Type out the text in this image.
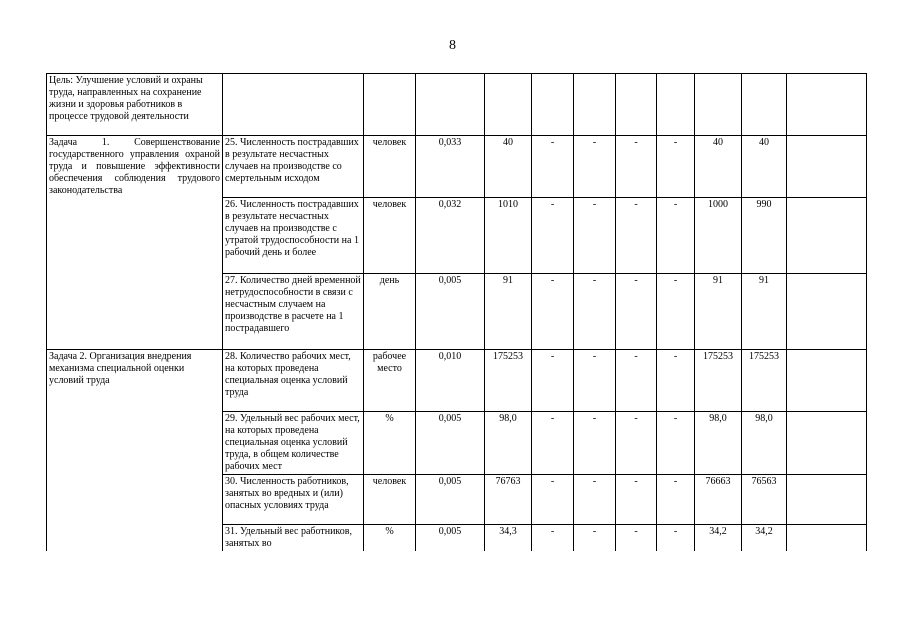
8
Цель: Улучшение условий и охраны труда, направленных на сохранение жизни и здоровья работников в процессе трудовой деятельности											
Задача 1. Совершенствование государственного управления охраной труда и повышение эффективности обеспечения соблюдения трудового законодательства	25. Численность пострадавших в результате несчастных случаев на производстве со смертельным исходом	человек	0,033	40	-	-	-	-	40	40	
	26. Численность пострадавших в результате несчастных случаев на производстве с утратой трудоспособности на 1 рабочий день и более	человек	0,032	1010	-	-	-	-	1000	990	
	27. Количество дней временной нетрудоспособности в связи с несчастным случаем на производстве в расчете на 1 пострадавшего	день	0,005	91	-	-	-	-	91	91	
Задача 2. Организация внедрения механизма специальной оценки условий труда	28. Количество рабочих мест, на которых проведена специальная оценка условий труда	рабочее место	0,010	175253	-	-	-	-	175253	175253	
	29. Удельный вес рабочих мест, на которых проведена специальная оценка условий труда, в общем количестве рабочих мест	%	0,005	98,0	-	-	-	-	98,0	98,0	
	30. Численность работников, занятых во вредных и (или) опасных условиях труда	человек	0,005	76763	-	-	-	-	76663	76563	
	31. Удельный вес работников, занятых во	%	0,005	34,3	-	-	-	-	34,2	34,2	
